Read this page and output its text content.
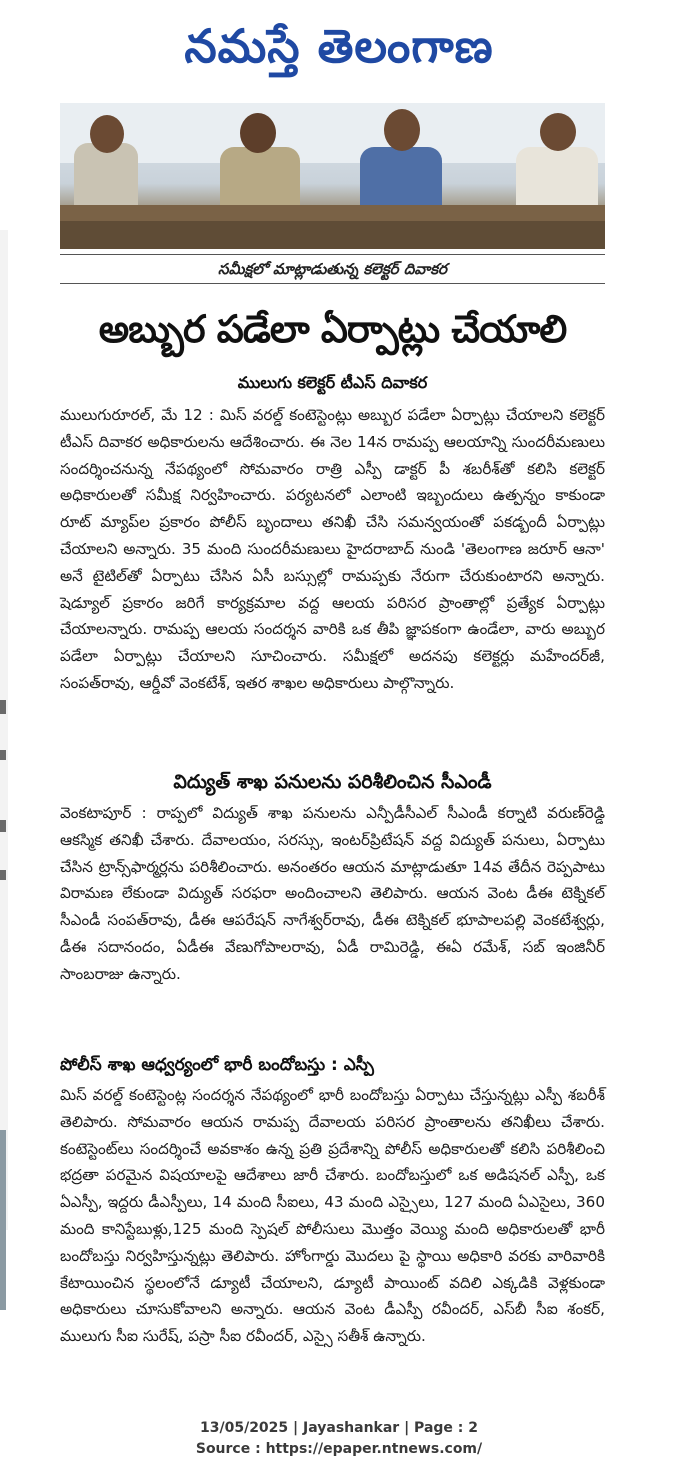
నమస్తే తెలంగాణ
సమీక్షలో మాట్లాడుతున్న కలెక్టర్ దివాకర
అబ్బుర పడేలా ఏర్పాట్లు చేయాలి
ములుగు కలెక్టర్ టీఎస్ దివాకర
ములుగురూరల్, మే 12 : మిస్ వరల్డ్ కంటెస్టెంట్లు అబ్బుర పడేలా ఏర్పాట్లు చేయాలని కలెక్టర్ టీఎస్ దివాకర అధికారులను ఆదేశించారు. ఈ నెల 14న రామప్ప ఆలయాన్ని సుందరీమణులు సందర్శించనున్న నేపథ్యంలో సోమవారం రాత్రి ఎస్పీ డాక్టర్ పీ శబరీశ్‌తో కలిసి కలెక్టర్ అధికారులతో సమీక్ష నిర్వహించారు. పర్యటనలో ఎలాంటి ఇబ్బందులు ఉత్పన్నం కాకుండా రూట్ మ్యాప్‌ల ప్రకారం పోలీస్ బృందాలు తనిఖీ చేసి సమన్వయంతో పకడ్బందీ ఏర్పాట్లు చేయాలని అన్నారు. 35 మంది సుందరీమణులు హైదరాబాద్ నుండి 'తెలంగాణ జరూర్ ఆనా' అనే టైటిల్‌తో ఏర్పాటు చేసిన ఏసీ బస్సుల్లో రామప్పకు నేరుగా చేరుకుంటారని అన్నారు. షెడ్యూల్ ప్రకారం జరిగే కార్యక్రమాల వద్ద ఆలయ పరిసర ప్రాంతాల్లో ప్రత్యేక ఏర్పాట్లు చేయాలన్నారు. రామప్ప ఆలయ సందర్శన వారికి ఒక తీపి జ్ఞాపకంగా ఉండేలా, వారు అబ్బుర పడేలా ఏర్పాట్లు చేయాలని సూచించారు. సమీక్షలో అదనపు కలెక్టర్లు మహేందర్‌జీ, సంపత్‌రావు, ఆర్డీవో వెంకటేశ్, ఇతర శాఖల అధికారులు పాల్గొన్నారు.
విద్యుత్ శాఖ పనులను పరిశీలించిన సీఎండీ
వెంకటాపూర్ : రాప్పలో విద్యుత్ శాఖ పనులను ఎన్పీడీసీఎల్ సీఎండీ కర్నాటి వరుణ్‌రెడ్డి ఆకస్మిక తనిఖీ చేశారు. దేవాలయం, సరస్సు, ఇంటర్‌ప్రిటేషన్ వద్ద విద్యుత్ పనులు, ఏర్పాటు చేసిన ట్రాన్స్‌ఫార్మర్లను పరిశీలించారు. అనంతరం ఆయన మాట్లాడుతూ 14వ తేదీన రెప్పపాటు విరామణ లేకుండా విద్యుత్ సరఫరా అందించాలని తెలిపారు. ఆయన వెంట డీఈ టెక్నికల్ సీఎండీ సంపత్‌రావు, డీఈ ఆపరేషన్ నాగేశ్వర్‌రావు, డీఈ టెక్నికల్ భూపాలపల్లి వెంకటేశ్వర్లు, డీఈ సదానందం, ఏడీఈ వేణుగోపాలరావు, ఏడీ రామిరెడ్డి, ఈఏ రమేశ్, సబ్ ఇంజినీర్ సాంబరాజు ఉన్నారు.
పోలీస్ శాఖ ఆధ్వర్యంలో భారీ బందోబస్తు : ఎస్పీ
మిస్ వరల్డ్ కంటెస్టెంట్ల సందర్శన నేపథ్యంలో భారీ బందోబస్తు ఏర్పాటు చేస్తున్నట్లు ఎస్పీ శబరీశ్ తెలిపారు. సోమవారం ఆయన రామప్ప దేవాలయ పరిసర ప్రాంతాలను తనిఖీలు చేశారు. కంటెస్టెంట్‌లు సందర్శించే అవకాశం ఉన్న ప్రతి ప్రదేశాన్ని పోలీస్ అధికారులతో కలిసి పరిశీలించి భద్రతా పరమైన విషయాలపై ఆదేశాలు జారీ చేశారు. బందోబస్తులో ఒక అడిషనల్ ఎస్పీ, ఒక ఏఎస్పీ, ఇద్దరు డీఎస్పీలు, 14 మంది సీఐలు, 43 మంది ఎస్సైలు, 127 మంది ఏఎసైలు, 360 మంది కానిస్టేబుళ్లు,125 మంది స్పెషల్ పోలీసులు మొత్తం వెయ్యి మంది అధికారులతో భారీ బందోబస్తు నిర్వహిస్తున్నట్లు తెలిపారు. హోంగార్డు మొదలు పై స్థాయి అధికారి వరకు వారివారికి కేటాయించిన స్థలంలోనే డ్యూటీ చేయాలని, డ్యూటీ పాయింట్ వదిలి ఎక్కడికి వెళ్లకుండా అధికారులు చూసుకోవాలని అన్నారు. ఆయన వెంట డీఎస్పీ రవీందర్, ఎస్‌బీ సీఐ శంకర్, ములుగు సీఐ సురేష్, పస్రా సీఐ రవీందర్, ఎస్సై సతీశ్ ఉన్నారు.
13/05/2025 | Jayashankar | Page : 2
Source : https://epaper.ntnews.com/
